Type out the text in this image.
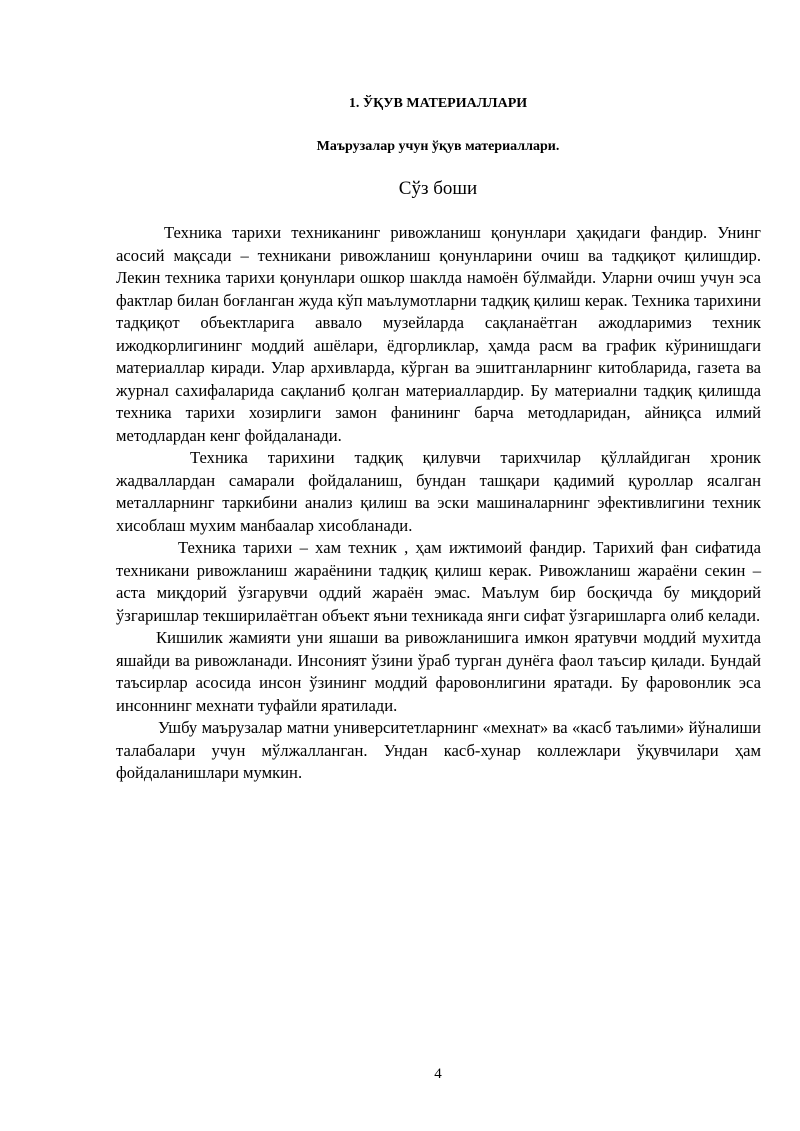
1. ЎҚУВ МАТЕРИАЛЛАРИ
Маърузалар учун ўқув материаллари.
Сўз боши

Техника тарихи техниканинг ривожланиш қонунлари ҳақидаги фандир. Унинг асосий мақсади – техникани ривожланиш қонунларини очиш ва тадқиқот қилишдир. Лекин техника тарихи қонунлари ошкор шаклда намоён бўлмайди. Уларни очиш учун эса фактлар билан боғланган жуда кўп маълумотларни тадқиқ қилиш керак. Техника тарихини тадқиқот объектларига аввало музейларда сақланаётган ажодларимиз техник ижодкорлигининг моддий ашёлари, ёдгорликлар, ҳамда расм ва график кўринишдаги материаллар киради. Улар архивларда, кўрган ва эшитганларнинг китобларида, газета ва журнал сахифаларида сақланиб қолган материаллардир. Бу материални тадқиқ қилишда техника тарихи хозирлиги замон фанининг барча методларидан, айниқса илмий методлардан кенг фойдаланади.

Техника тарихини тадқиқ қилувчи тарихчилар қўллайдиган хроник жадваллардан самарали фойдаланиш, бундан ташқари қадимий қуроллар ясалган металларнинг таркибини анализ қилиш ва эски машиналарнинг эфективлигини техник хисоблаш мухим манбаалар хисобланади.

Техника тарихи – хам техник , ҳам ижтимоий фандир. Тарихий фан сифатида техникани ривожланиш жараёнини тадқиқ қилиш керак. Ривожланиш жараёни секин – аста миқдорий ўзгарувчи оддий жараён эмас. Маълум бир босқичда бу миқдорий ўзгаришлар текширилаётган объект яъни техникада янги сифат ўзгаришларга олиб келади.

Кишилик жамияти уни яшаши ва ривожланишига имкон яратувчи моддий мухитда яшайди ва ривожланади. Инсоният ўзини ўраб турган дунёга фаол таъсир қилади. Бундай таъсирлар асосида инсон ўзининг моддий фаровонлигини яратади. Бу фаровонлик эса инсоннинг мехнати туфайли яратилади.

Ушбу маърузалар матни университетларнинг «мехнат» ва «касб таълими» йўналиши талабалари учун мўлжалланган. Ундан касб-хунар коллежлари ўқувчилари ҳам фойдаланишлари мумкин.

4
